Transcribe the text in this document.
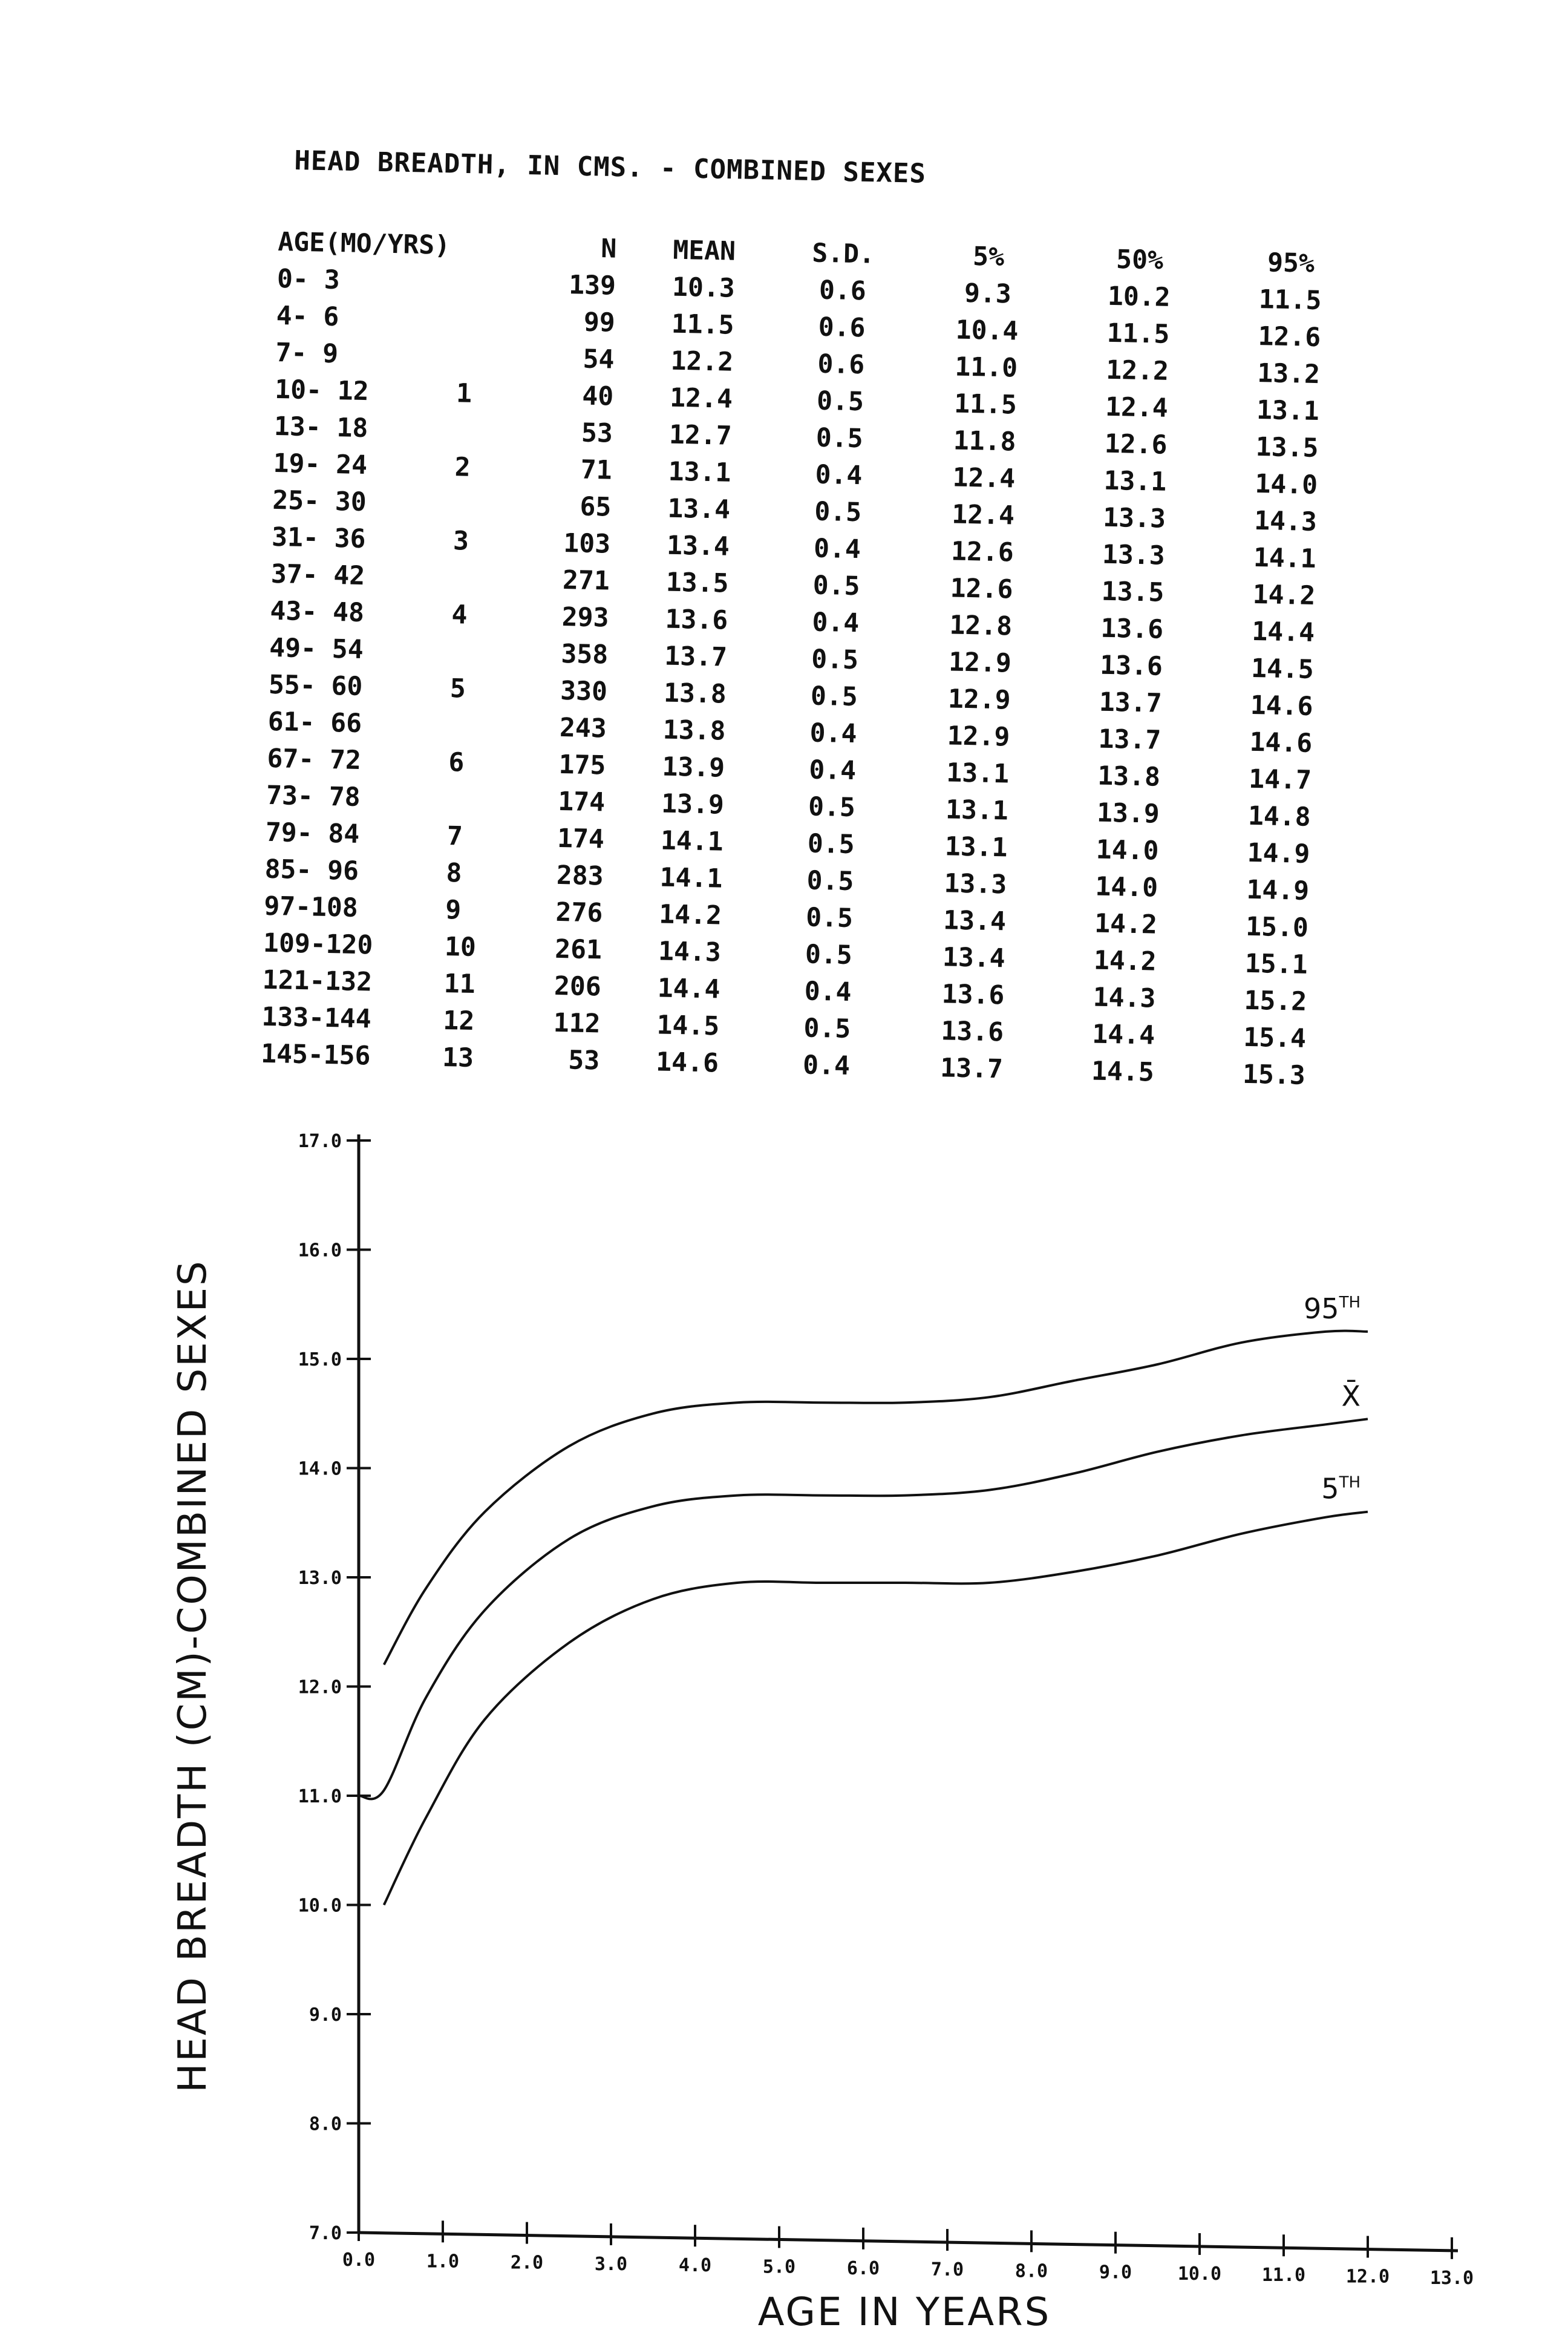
HEAD BREADTH, IN CMS. - COMBINED SEXES
AGE(MO/YRS)		N	MEAN	S.D.	5%	50%	95%
0- 3		139	10.3	0.6	9.3	10.2	11.5
4- 6		99	11.5	0.6	10.4	11.5	12.6
7- 9		54	12.2	0.6	11.0	12.2	13.2
10- 12	1	40	12.4	0.5	11.5	12.4	13.1
13- 18		53	12.7	0.5	11.8	12.6	13.5
19- 24	2	71	13.1	0.4	12.4	13.1	14.0
25- 30		65	13.4	0.5	12.4	13.3	14.3
31- 36	3	103	13.4	0.4	12.6	13.3	14.1
37- 42		271	13.5	0.5	12.6	13.5	14.2
43- 48	4	293	13.6	0.4	12.8	13.6	14.4
49- 54		358	13.7	0.5	12.9	13.6	14.5
55- 60	5	330	13.8	0.5	12.9	13.7	14.6
61- 66		243	13.8	0.4	12.9	13.7	14.6
67- 72	6	175	13.9	0.4	13.1	13.8	14.7
73- 78		174	13.9	0.5	13.1	13.9	14.8
79- 84	7	174	14.1	0.5	13.1	14.0	14.9
85- 96	8	283	14.1	0.5	13.3	14.0	14.9
97-108	9	276	14.2	0.5	13.4	14.2	15.0
109-120	10	261	14.3	0.5	13.4	14.2	15.1
121-132	11	206	14.4	0.4	13.6	14.3	15.2
133-144	12	112	14.5	0.5	13.6	14.4	15.4
145-156	13	53	14.6	0.4	13.7	14.5	15.3
7.0
8.0
9.0
10.0
11.0
12.0
13.0
14.0
15.0
16.0
17.0
0.0	1.0	2.0	3.0	4.0	5.0	6.0	7.0	8.0	9.0	10.0 11.0 12.0 13.0
AGE IN YEARS
HEAD BREADTH (CM)-COMBINED SEXES	95TH
X̄
5TH
